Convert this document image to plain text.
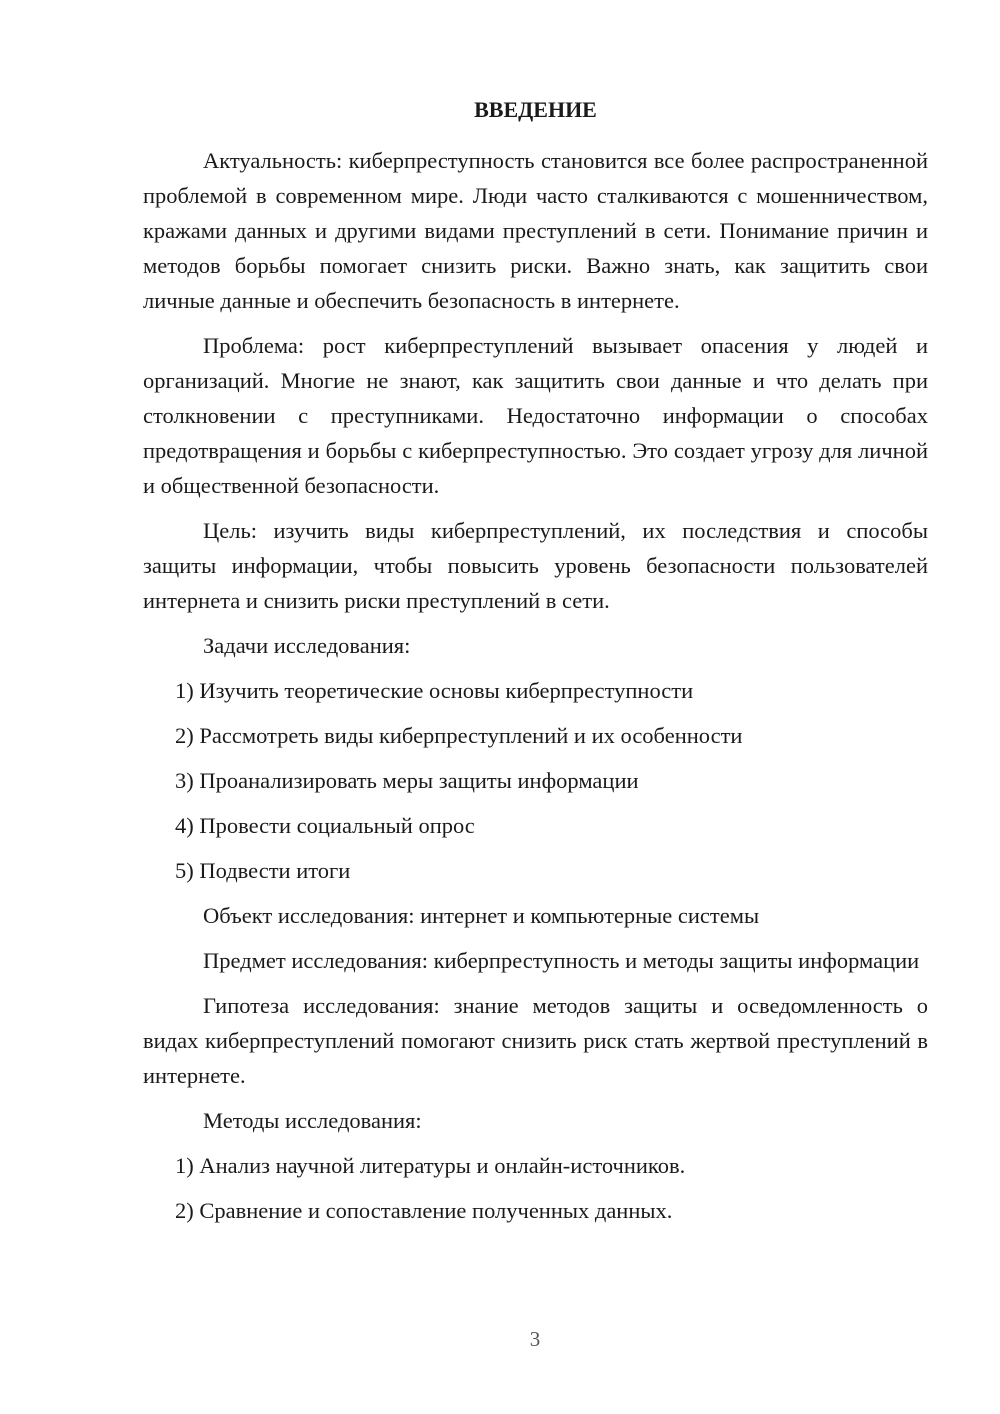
ВВЕДЕНИЕ

Актуальность: киберпреступность становится все более распространенной проблемой в современном мире. Люди часто сталкиваются с мошенничеством, кражами данных и другими видами преступлений в сети. Понимание причин и методов борьбы помогает снизить риски. Важно знать, как защитить свои личные данные и обеспечить безопасность в интернете.

Проблема: рост киберпреступлений вызывает опасения у людей и организаций. Многие не знают, как защитить свои данные и что делать при столкновении с преступниками. Недостаточно информации о способах предотвращения и борьбы с киберпреступностью. Это создает угрозу для личной и общественной безопасности.

Цель: изучить виды киберпреступлений, их последствия и способы защиты информации, чтобы повысить уровень безопасности пользователей интернета и снизить риски преступлений в сети.

Задачи исследования:

1) Изучить теоретические основы киберпреступности
2) Рассмотреть виды киберпреступлений и их особенности
3) Проанализировать меры защиты информации
4) Провести социальный опрос
5) Подвести итоги

Объект исследования: интернет и компьютерные системы

Предмет исследования: киберпреступность и методы защиты информации

Гипотеза исследования: знание методов защиты и осведомленность о видах киберпреступлений помогают снизить риск стать жертвой преступлений в интернете.

Методы исследования:

1) Анализ научной литературы и онлайн-источников.
2) Сравнение и сопоставление полученных данных.
3
